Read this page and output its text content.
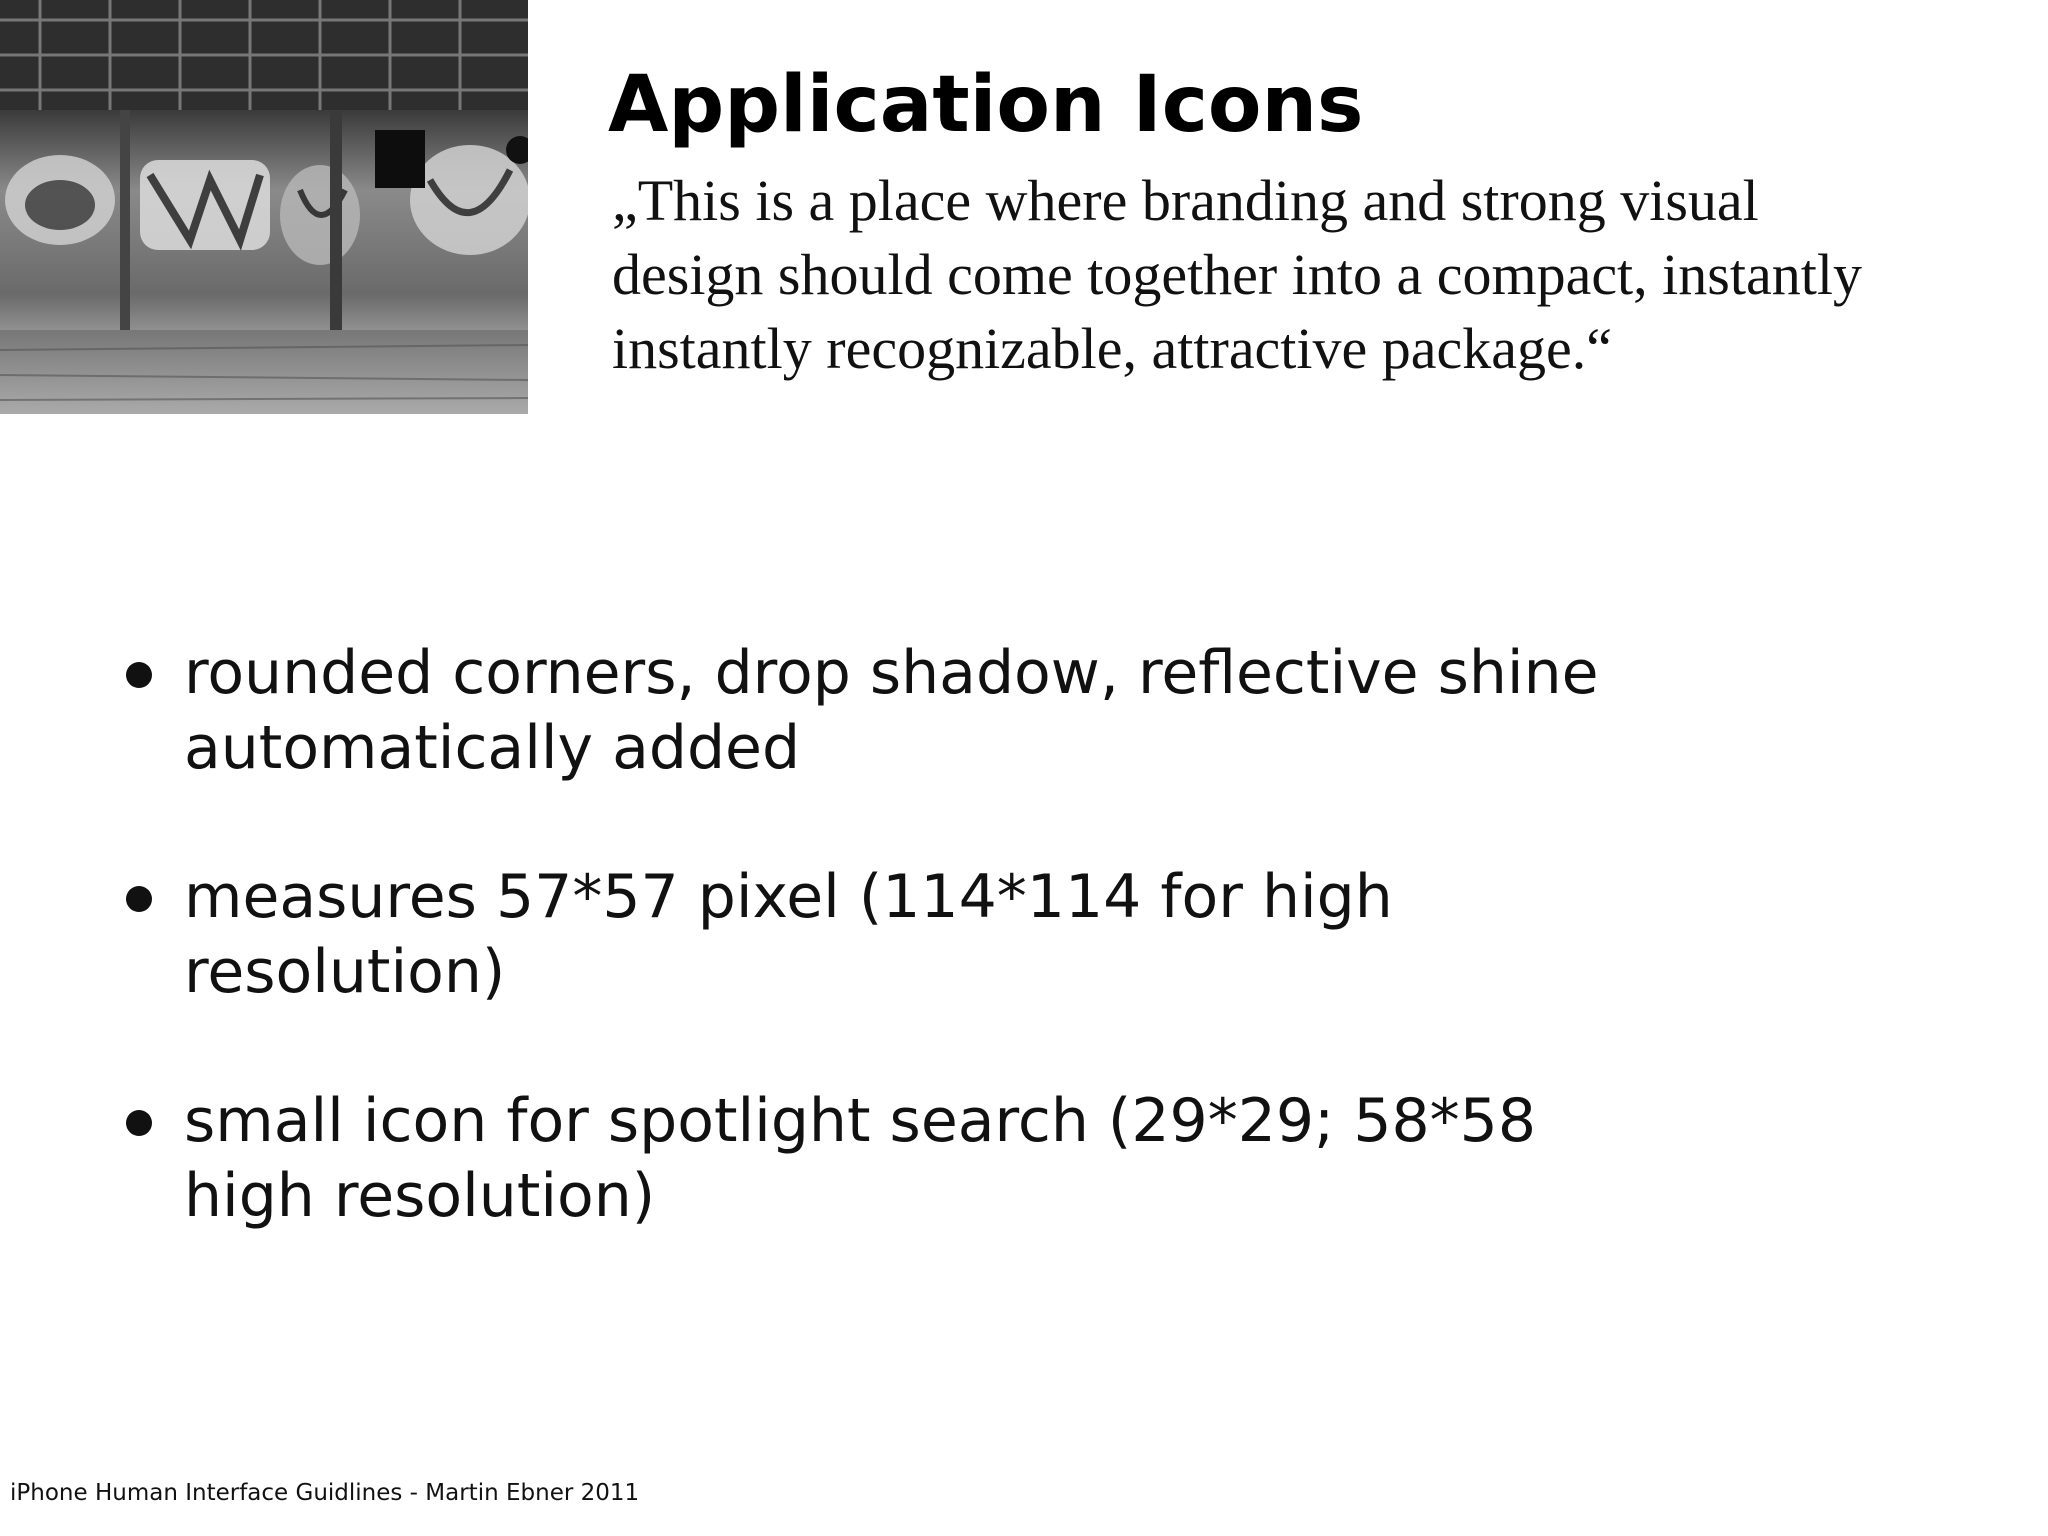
Application Icons
„This is a place where branding and strong visual
design should come together into a compact, instantly
instantly recognizable, attractive package.“
rounded corners, drop shadow, reflective shine
automatically added
measures 57*57 pixel (114*114 for high
resolution)
small icon for spotlight search (29*29; 58*58
high resolution)
iPhone Human Interface Guidlines - Martin Ebner 2011
